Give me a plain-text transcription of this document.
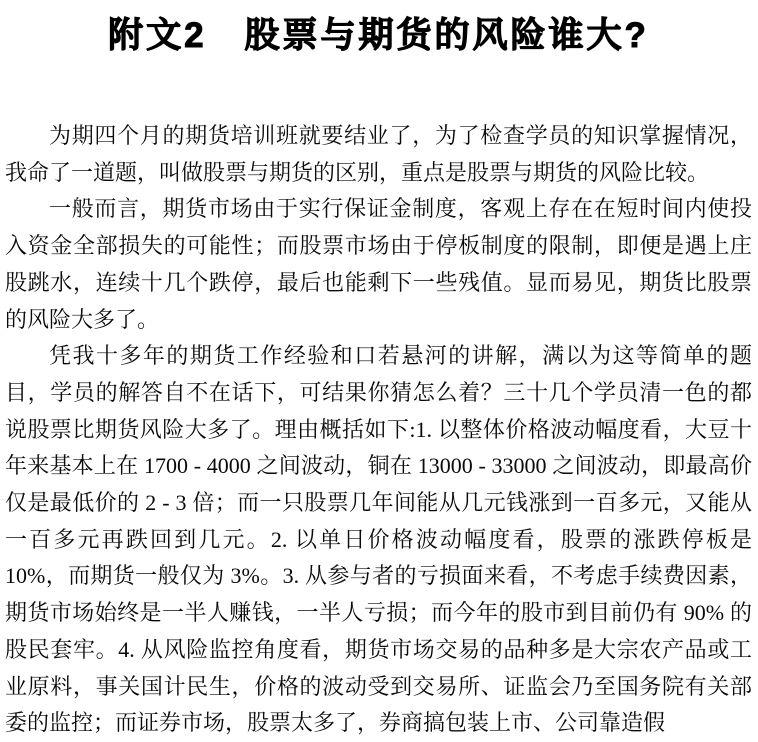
附文2　股票与期货的风险谁大?

为期四个月的期货培训班就要结业了，为了检查学员的知识掌握情况，我命了一道题，叫做股票与期货的区别，重点是股票与期货的风险比较。

一般而言，期货市场由于实行保证金制度，客观上存在在短时间内使投入资金全部损失的可能性；而股票市场由于停板制度的限制，即便是遇上庄股跳水，连续十几个跌停，最后也能剩下一些残值。显而易见，期货比股票的风险大多了。

凭我十多年的期货工作经验和口若悬河的讲解，满以为这等简单的题目，学员的解答自不在话下，可结果你猜怎么着？三十几个学员清一色的都说股票比期货风险大多了。理由概括如下:1. 以整体价格波动幅度看，大豆十年来基本上在 1700 - 4000 之间波动，铜在 13000 - 33000 之间波动，即最高价仅是最低价的 2 - 3 倍；而一只股票几年间能从几元钱涨到一百多元，又能从一百多元再跌回到几元。2. 以单日价格波动幅度看，股票的涨跌停板是 10%，而期货一般仅为 3%。3. 从参与者的亏损面来看，不考虑手续费因素，期货市场始终是一半人赚钱，一半人亏损；而今年的股市到目前仍有 90% 的股民套牢。4. 从风险监控角度看，期货市场交易的品种多是大宗农产品或工业原料，事关国计民生，价格的波动受到交易所、证监会乃至国务院有关部委的监控；而证券市场，股票太多了，券商搞包装上市、公司靠造假
